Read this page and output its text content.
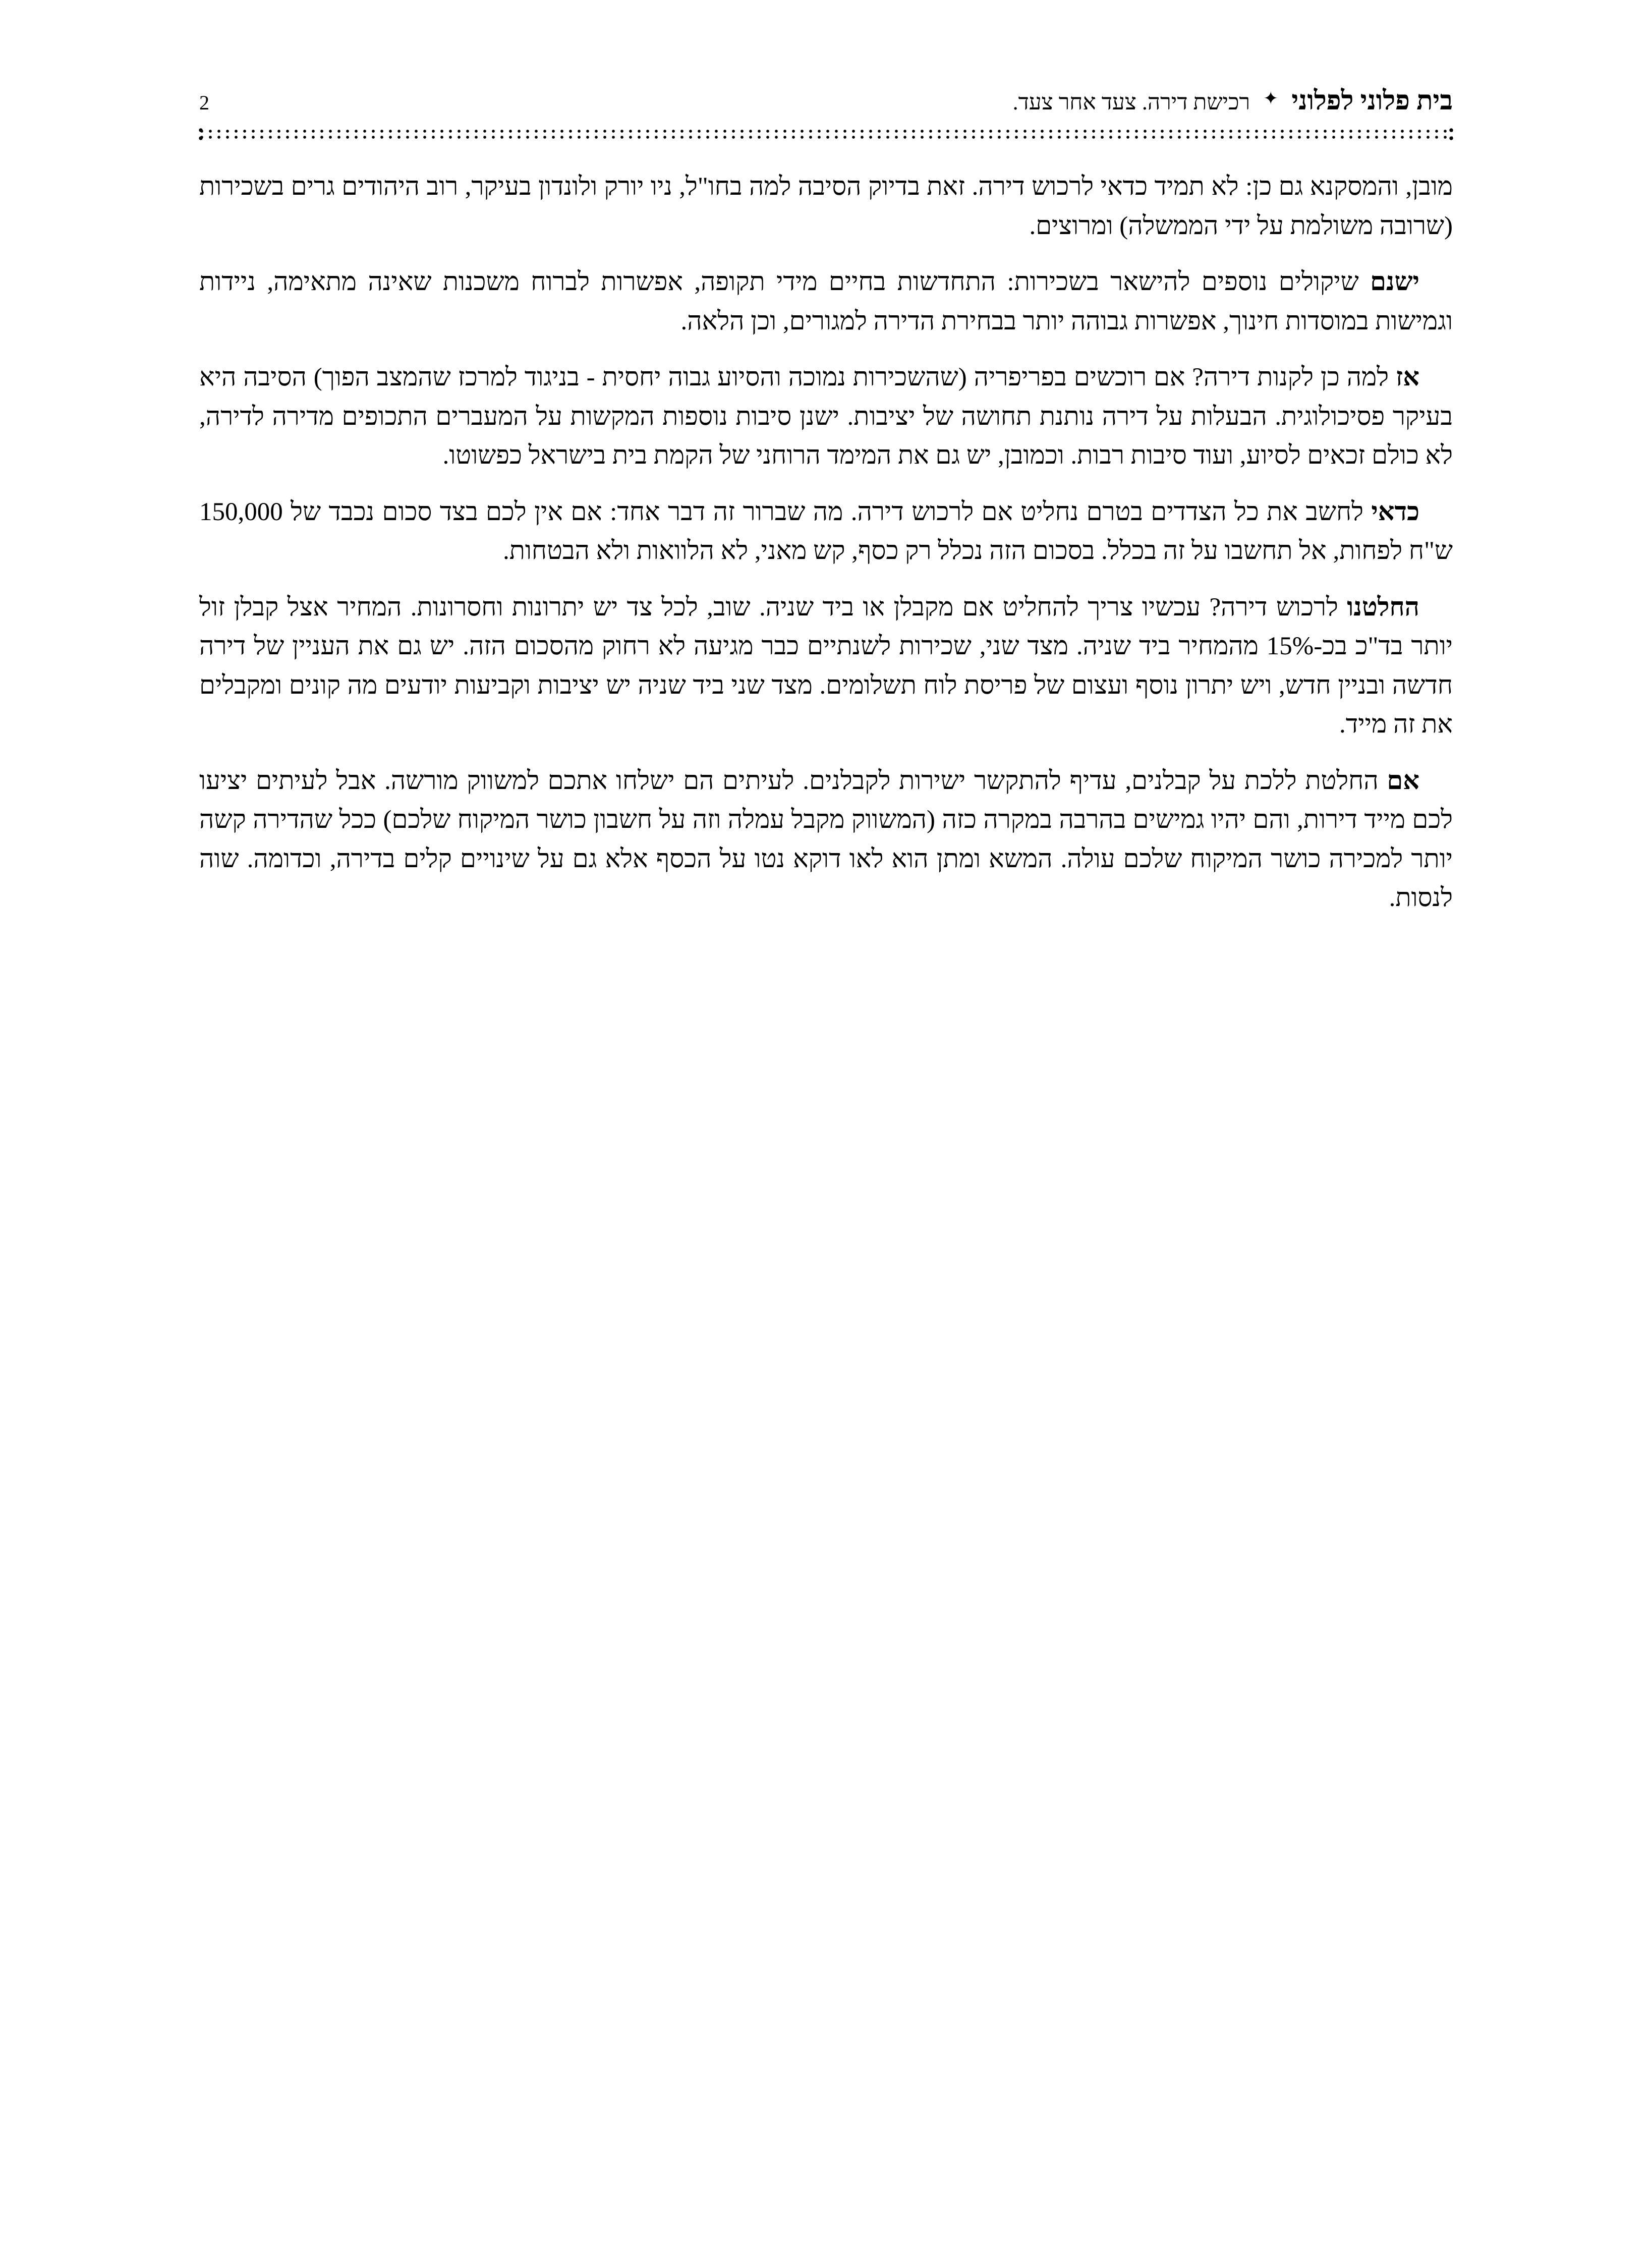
בית פלוני לפלוני
✦
רכישת דירה. צעד אחר צעד.
2

מובן, והמסקנא גם כן: לא תמיד כדאי לרכוש דירה. זאת בדיוק הסיבה למה בחו"ל, ניו יורק ולונדון בעיקר, רוב היהודים גרים בשכירות (שרובה משולמת על ידי הממשלה) ומרוצים.

ישנם שיקולים נוספים להישאר בשכירות: התחדשות בחיים מידי תקופה, אפשרות לברוח משכנות שאינה מתאימה, ניידות וגמישות במוסדות חינוך, אפשרות גבוהה יותר בבחירת הדירה למגורים, וכן הלאה.

אז למה כן לקנות דירה? אם רוכשים בפריפריה (שהשכירות נמוכה והסיוע גבוה יחסית - בניגוד למרכז שהמצב הפוך) הסיבה היא בעיקר פסיכולוגית. הבעלות על דירה נותנת תחושה של יציבות. ישנן סיבות נוספות המקשות על המעברים התכופים מדירה לדירה, לא כולם זכאים לסיוע, ועוד סיבות רבות. וכמובן, יש גם את המימד הרוחני של הקמת בית בישראל כפשוטו.

כדאי לחשב את כל הצדדים בטרם נחליט אם לרכוש דירה. מה שברור זה דבר אחד: אם אין לכם בצד סכום נכבד של 150,000 ש"ח לפחות, אל תחשבו על זה בכלל. בסכום הזה נכלל רק כסף, קש מאני, לא הלוואות ולא הבטחות.

החלטנו לרכוש דירה? עכשיו צריך להחליט אם מקבלן או ביד שניה. שוב, לכל צד יש יתרונות וחסרונות. המחיר אצל קבלן זול יותר בד"כ בכ-15% מהמחיר ביד שניה. מצד שני, שכירות לשנתיים כבר מגיעה לא רחוק מהסכום הזה. יש גם את העניין של דירה חדשה ובניין חדש, ויש יתרון נוסף ועצום של פריסת לוח תשלומים. מצד שני ביד שניה יש יציבות וקביעות יודעים מה קונים ומקבלים את זה מייד.

אם החלטת ללכת על קבלנים, עדיף להתקשר ישירות לקבלנים. לעיתים הם ישלחו אתכם למשווק מורשה. אבל לעיתים יציעו לכם מייד דירות, והם יהיו גמישים בהרבה במקרה כזה (המשווק מקבל עמלה וזה על חשבון כושר המיקוח שלכם) ככל שהדירה קשה יותר למכירה כושר המיקוח שלכם עולה. המשא ומתן הוא לאו דוקא נטו על הכסף אלא גם על שינויים קלים בדירה, וכדומה. שוה לנסות.
